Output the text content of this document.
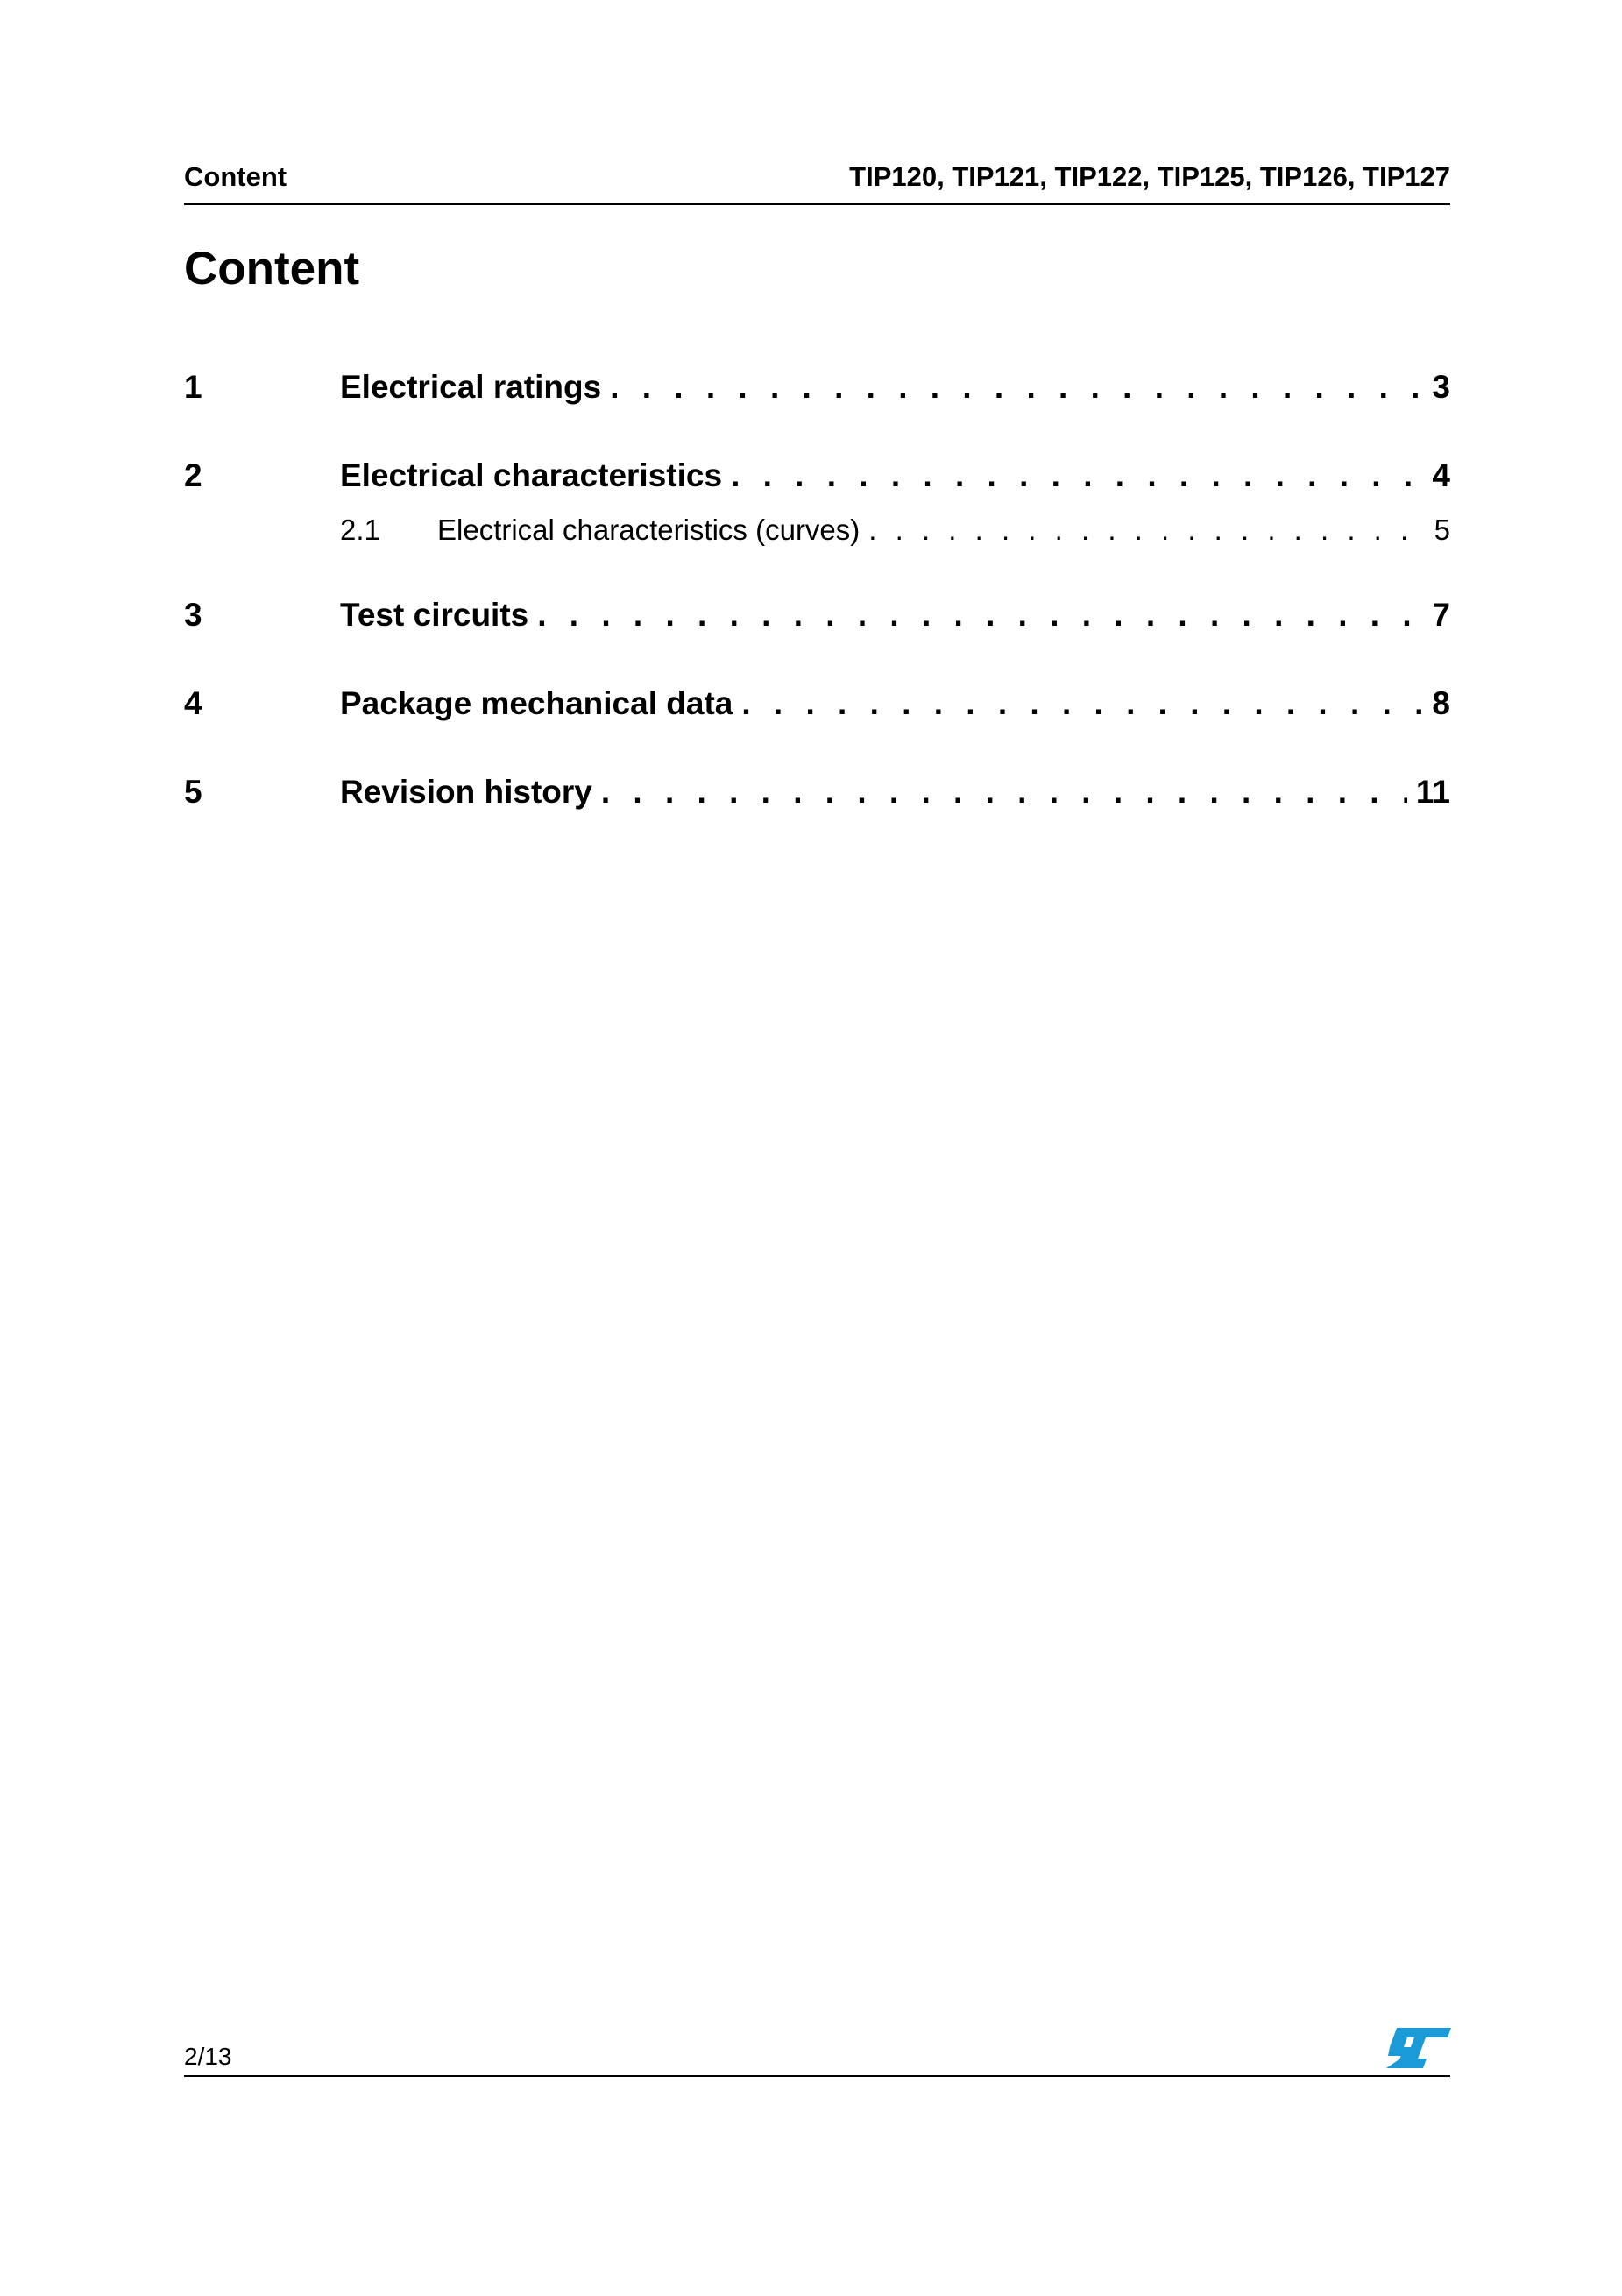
Content	TIP120, TIP121, TIP122, TIP125, TIP126, TIP127
Content
1	Electrical ratings . . .	3
2	Electrical characteristics . . .	4
2.1	Electrical characteristics (curves) . . .	5
3	Test circuits . . .	7
4	Package mechanical data . . .	8
5	Revision history . . .	11
2/13
